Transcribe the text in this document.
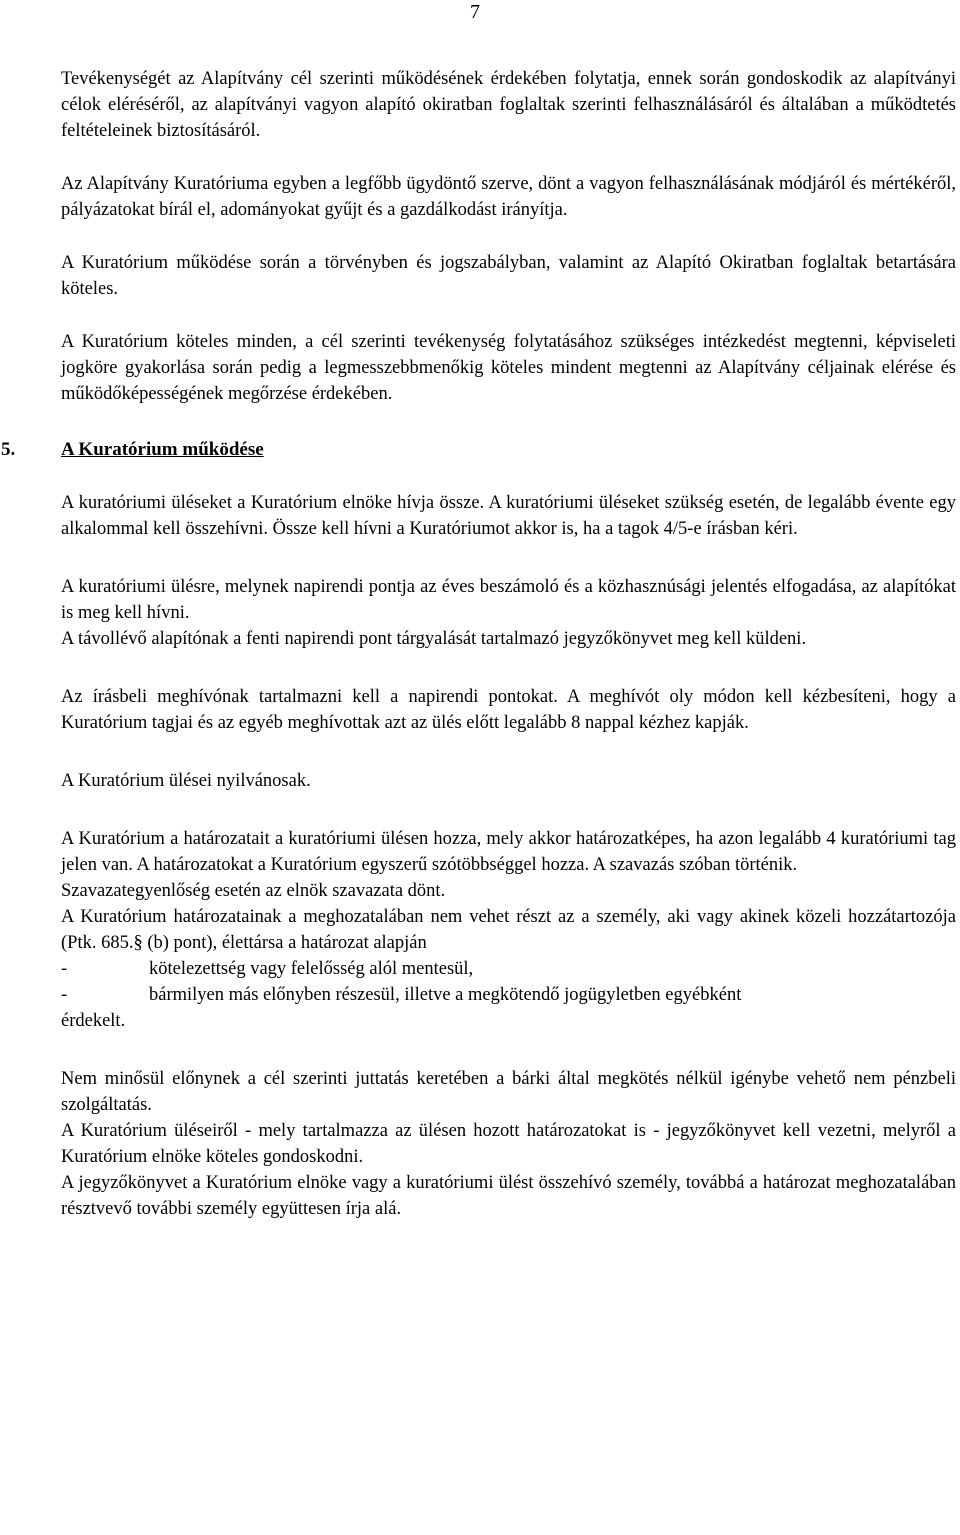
7

Tevékenységét az Alapítvány cél szerinti működésének érdekében folytatja, ennek során gondoskodik az alapítványi célok eléréséről, az alapítványi vagyon alapító okiratban foglaltak szerinti felhasználásáról és általában a működtetés feltételeinek biztosításáról.

Az Alapítvány Kuratóriuma egyben a legfőbb ügydöntő szerve, dönt a vagyon felhasználásának módjáról és mértékéről, pályázatokat bírál el, adományokat gyűjt és a gazdálkodást irányítja.

A Kuratórium működése során a törvényben és jogszabályban, valamint az Alapító Okiratban foglaltak betartására köteles.

A Kuratórium köteles minden, a cél szerinti tevékenység folytatásához szükséges intézkedést megtenni, képviseleti jogköre gyakorlása során pedig a legmesszebbmenőkig köteles mindent megtenni az Alapítvány céljainak elérése és működőképességének megőrzése érdekében.

5. A Kuratórium működése

A kuratóriumi üléseket a Kuratórium elnöke hívja össze. A kuratóriumi üléseket szükség esetén, de legalább évente egy alkalommal kell összehívni. Össze kell hívni a Kuratóriumot akkor is, ha a tagok 4/5-e írásban kéri.

A kuratóriumi ülésre, melynek napirendi pontja az éves beszámoló és a közhasznúsági jelentés elfogadása, az alapítókat is meg kell hívni.

A távollévő alapítónak a fenti napirendi pont tárgyalását tartalmazó jegyzőkönyvet meg kell küldeni.

Az írásbeli meghívónak tartalmazni kell a napirendi pontokat. A meghívót oly módon kell kézbesíteni, hogy a Kuratórium tagjai és az egyéb meghívottak azt az ülés előtt legalább 8 nappal kézhez kapják.

A Kuratórium ülései nyilvánosak.

A Kuratórium a határozatait a kuratóriumi ülésen hozza, mely akkor határozatképes, ha azon legalább 4 kuratóriumi tag jelen van. A határozatokat a Kuratórium egyszerű szótöbbséggel hozza. A szavazás szóban történik.

Szavazategyenlőség esetén az elnök szavazata dönt.

A Kuratórium határozatainak a meghozatalában nem vehet részt az a személy, aki vagy akinek közeli hozzátartozója (Ptk. 685.§ (b) pont), élettársa a határozat alapján

-	kötelezettség vagy felelősség alól mentesül,

-	bármilyen más előnyben részesül, illetve a megkötendő jogügyletben egyébként

érdekelt.

Nem minősül előnynek a cél szerinti juttatás keretében a bárki által megkötés nélkül igénybe vehető nem pénzbeli szolgáltatás.

A Kuratórium üléseiről - mely tartalmazza az ülésen hozott határozatokat is - jegyzőkönyvet kell vezetni, melyről a Kuratórium elnöke köteles gondoskodni.

A jegyzőkönyvet a Kuratórium elnöke vagy a kuratóriumi ülést összehívó személy, továbbá a határozat meghozatalában résztvevő további személy együttesen írja alá.
